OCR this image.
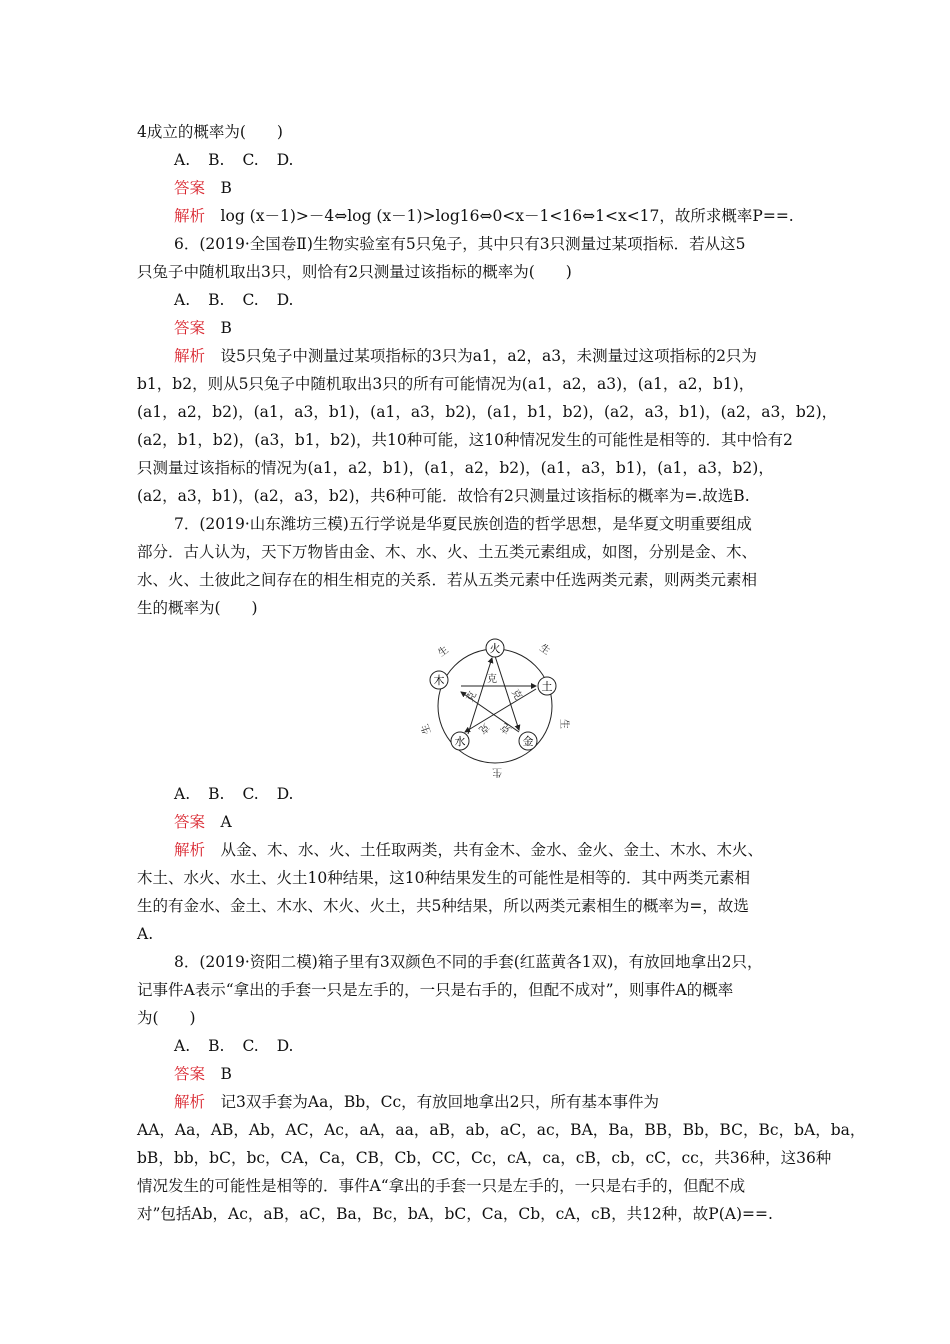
4成立的概率为(　　)
A. B. C. D.
答案　 B
解析　 log (x－1)>－4⇔log (x－1)>log16⇔0<x－1<16⇔1<x<17，故所求概率P==.
6．(2019·全国卷Ⅱ)生物实验室有5只兔子，其中只有3只测量过某项指标．若从这5
只兔子中随机取出3只，则恰有2只测量过该指标的概率为(　　)
A. B. C. D.
答案　 B
解析　 设5只兔子中测量过某项指标的3只为a1，a2，a3，未测量过这项指标的2只为
b1，b2，则从5只兔子中随机取出3只的所有可能情况为(a1，a2，a3)，(a1，a2，b1)，
(a1，a2，b2)，(a1，a3，b1)，(a1，a3，b2)，(a1，b1，b2)，(a2，a3，b1)，(a2，a3，b2)，
(a2，b1，b2)，(a3，b1，b2)，共10种可能，这10种情况发生的可能性是相等的．其中恰有2
只测量过该指标的情况为(a1，a2，b1)，(a1，a2，b2)，(a1，a3，b1)，(a1，a3，b2)，
(a2，a3，b1)，(a2，a3，b2)，共6种可能．故恰有2只测量过该指标的概率为=.故选B.
7．(2019·山东潍坊三模)五行学说是华夏民族创造的哲学思想，是华夏文明重要组成
部分．古人认为，天下万物皆由金、木、水、火、土五类元素组成，如图，分别是金、木、
水、火、土彼此之间存在的相生相克的关系．若从五类元素中任选两类元素，则两类元素相
生的概率为(　　)
火
土
金
水
木
生	生
生
生
生
克
克
克
克
克
A. B. C. D.
答案　 A
解析　 从金、木、水、火、土任取两类，共有金木、金水、金火、金土、木水、木火、
木土、水火、水土、火土10种结果，这10种结果发生的可能性是相等的．其中两类元素相
生的有金水、金土、木水、木火、火土，共5种结果，所以两类元素相生的概率为=，故选
A.
8．(2019·资阳二模)箱子里有3双颜色不同的手套(红蓝黄各1双)，有放回地拿出2只，
记事件A表示“拿出的手套一只是左手的，一只是右手的，但配不成对”，则事件A的概率
为(　　)
A. B. C. D.
答案　 B
解析　 记3双手套为Aa，Bb，Cc，有放回地拿出2只，所有基本事件为
AA，Aa，AB，Ab，AC，Ac，aA，aa，aB，ab，aC，ac，BA，Ba，BB，Bb，BC，Bc，bA，ba，
bB，bb，bC，bc，CA，Ca，CB，Cb，CC，Cc，cA，ca，cB，cb，cC，cc，共36种，这36种
情况发生的可能性是相等的．事件A“拿出的手套一只是左手的，一只是右手的，但配不成
对”包括Ab，Ac，aB，aC，Ba，Bc，bA，bC，Ca，Cb，cA，cB，共12种，故P(A)==.
